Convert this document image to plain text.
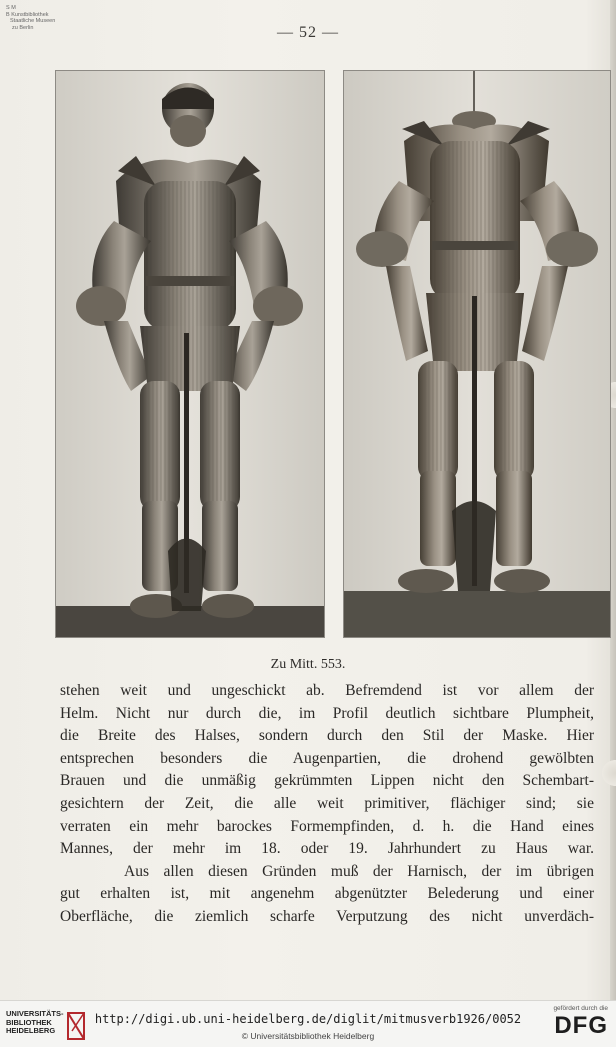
S M
B Kunstbibliothek
Staatliche Museen
zu Berlin	— 52 —
Zu Mitt. 553.
stehen weit und ungeschickt ab. Befremdend ist vor allem der
Helm. Nicht nur durch die, im Profil deutlich sichtbare Plumpheit,
die Breite des Halses, sondern durch den Stil der Maske. Hier
entsprechen besonders die Augenpartien, die drohend gewölbten
Brauen und die unmäßig gekrümmten Lippen nicht den Schembart-
gesichtern der Zeit, die alle weit primitiver, flächiger sind; sie
verraten ein mehr barockes Formempfinden, d. h. die Hand eines
Mannes, der mehr im 18. oder 19. Jahrhundert zu Haus war.
Aus allen diesen Gründen muß der Harnisch, der im übrigen
gut erhalten ist, mit angenehm abgenützter Belederung und einer
Oberfläche, die ziemlich scharfe Verputzung des nicht unverdäch-
UNIVERSITÄTS-
BIBLIOTHEK
HEIDELBERG
http://digi.ub.uni-heidelberg.de/diglit/mitmusverb1926/0052
© Universitätsbibliothek Heidelberg
gefördert durch die
DFG
